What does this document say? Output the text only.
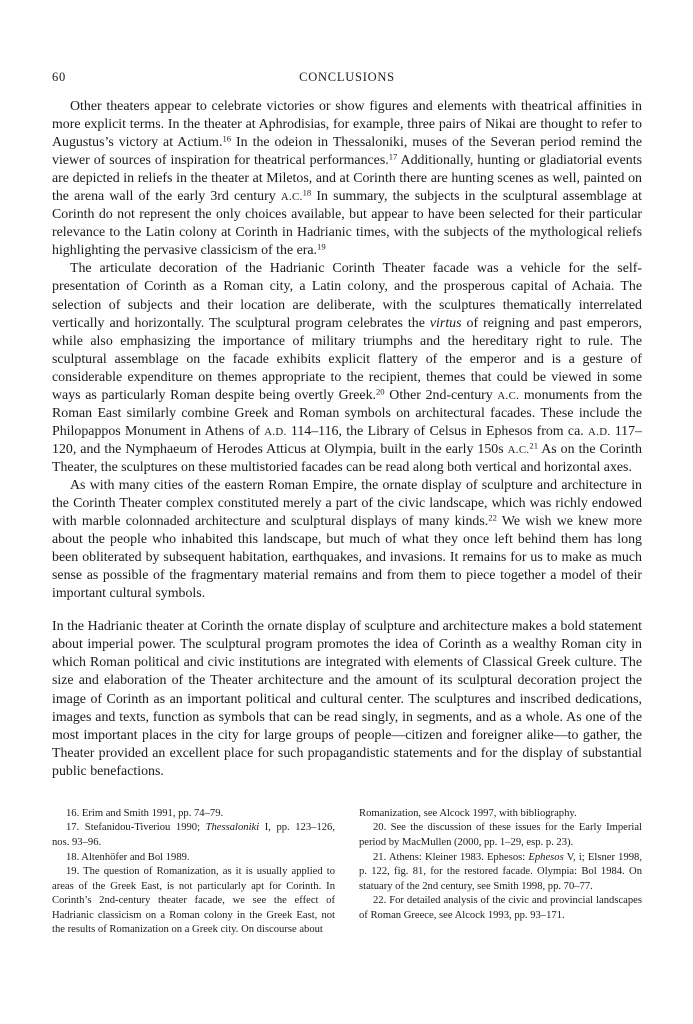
60	CONCLUSIONS

Other theaters appear to celebrate victories or show figures and elements with theatrical affinities in more explicit terms. In the theater at Aphrodisias, for example, three pairs of Nikai are thought to refer to Augustus’s victory at Actium.$^{16}$ In the odeion in Thessaloniki, muses of the Severan period remind the viewer of sources of inspiration for theatrical performances.$^{17}$ Additionally, hunting or gladiatorial events are depicted in reliefs in the theater at Miletos, and at Corinth there are hunting scenes as well, painted on the arena wall of the early 3rd century A.C.$^{18}$ In summary, the subjects in the sculptural assemblage at Corinth do not represent the only choices available, but appear to have been selected for their particular relevance to the Latin colony at Corinth in Hadrianic times, with the subjects of the mythological reliefs highlighting the pervasive classicism of the era.$^{19}$

The articulate decoration of the Hadrianic Corinth Theater facade was a vehicle for the self-presentation of Corinth as a Roman city, a Latin colony, and the prosperous capital of Achaia. The selection of subjects and their location are deliberate, with the sculptures thematically interrelated vertically and horizontally. The sculptural program celebrates the virtus of reigning and past emperors, while also emphasizing the importance of military triumphs and the hereditary right to rule. The sculptural assemblage on the facade exhibits explicit flattery of the emperor and is a gesture of considerable expenditure on themes appropriate to the recipient, themes that could be viewed in some ways as particularly Roman despite being overtly Greek.$^{20}$ Other 2nd-century A.C. monuments from the Roman East similarly combine Greek and Roman symbols on architectural facades. These include the Philopappos Monument in Athens of A.D. 114–116, the Library of Celsus in Ephesos from ca. A.D. 117–120, and the Nymphaeum of Herodes Atticus at Olympia, built in the early 150s A.C.$^{21}$ As on the Corinth Theater, the sculptures on these multistoried facades can be read along both vertical and horizontal axes.

As with many cities of the eastern Roman Empire, the ornate display of sculpture and architecture in the Corinth Theater complex constituted merely a part of the civic landscape, which was richly endowed with marble colonnaded architecture and sculptural displays of many kinds.$^{22}$ We wish we knew more about the people who inhabited this landscape, but much of what they once left behind them has long been obliterated by subsequent habitation, earthquakes, and invasions. It remains for us to make as much sense as possible of the fragmentary material remains and from them to piece together a model of their important cultural symbols.

In the Hadrianic theater at Corinth the ornate display of sculpture and architecture makes a bold statement about imperial power. The sculptural program promotes the idea of Corinth as a wealthy Roman city in which Roman political and civic institutions are integrated with elements of Classical Greek culture. The size and elaboration of the Theater architecture and the amount of its sculptural decoration project the image of Corinth as an important political and cultural center. The sculptures and inscribed dedications, images and texts, function as symbols that can be read singly, in segments, and as a whole. As one of the most important places in the city for large groups of people—citizen and foreigner alike—to gather, the Theater provided an excellent place for such propagandistic statements and for the display of substantial public benefactions.

16. Erim and Smith 1991, pp. 74–79.

17. Stefanidou-Tiveriou 1990; Thessaloniki I, pp. 123–126, nos. 93–96.

18. Altenhöfer and Bol 1989.

19. The question of Romanization, as it is usually applied to areas of the Greek East, is not particularly apt for Corinth. In Corinth’s 2nd-century theater facade, we see the effect of Hadrianic classicism on a Roman colony in the Greek East, not the results of Romanization on a Greek city. On discourse about

Romanization, see Alcock 1997, with bibliography.

20. See the discussion of these issues for the Early Imperial period by MacMullen (2000, pp. 1–29, esp. p. 23).

21. Athens: Kleiner 1983. Ephesos: Ephesos V, i; Elsner 1998, p. 122, fig. 81, for the restored facade. Olympia: Bol 1984. On statuary of the 2nd century, see Smith 1998, pp. 70–77.

22. For detailed analysis of the civic and provincial landscapes of Roman Greece, see Alcock 1993, pp. 93–171.
